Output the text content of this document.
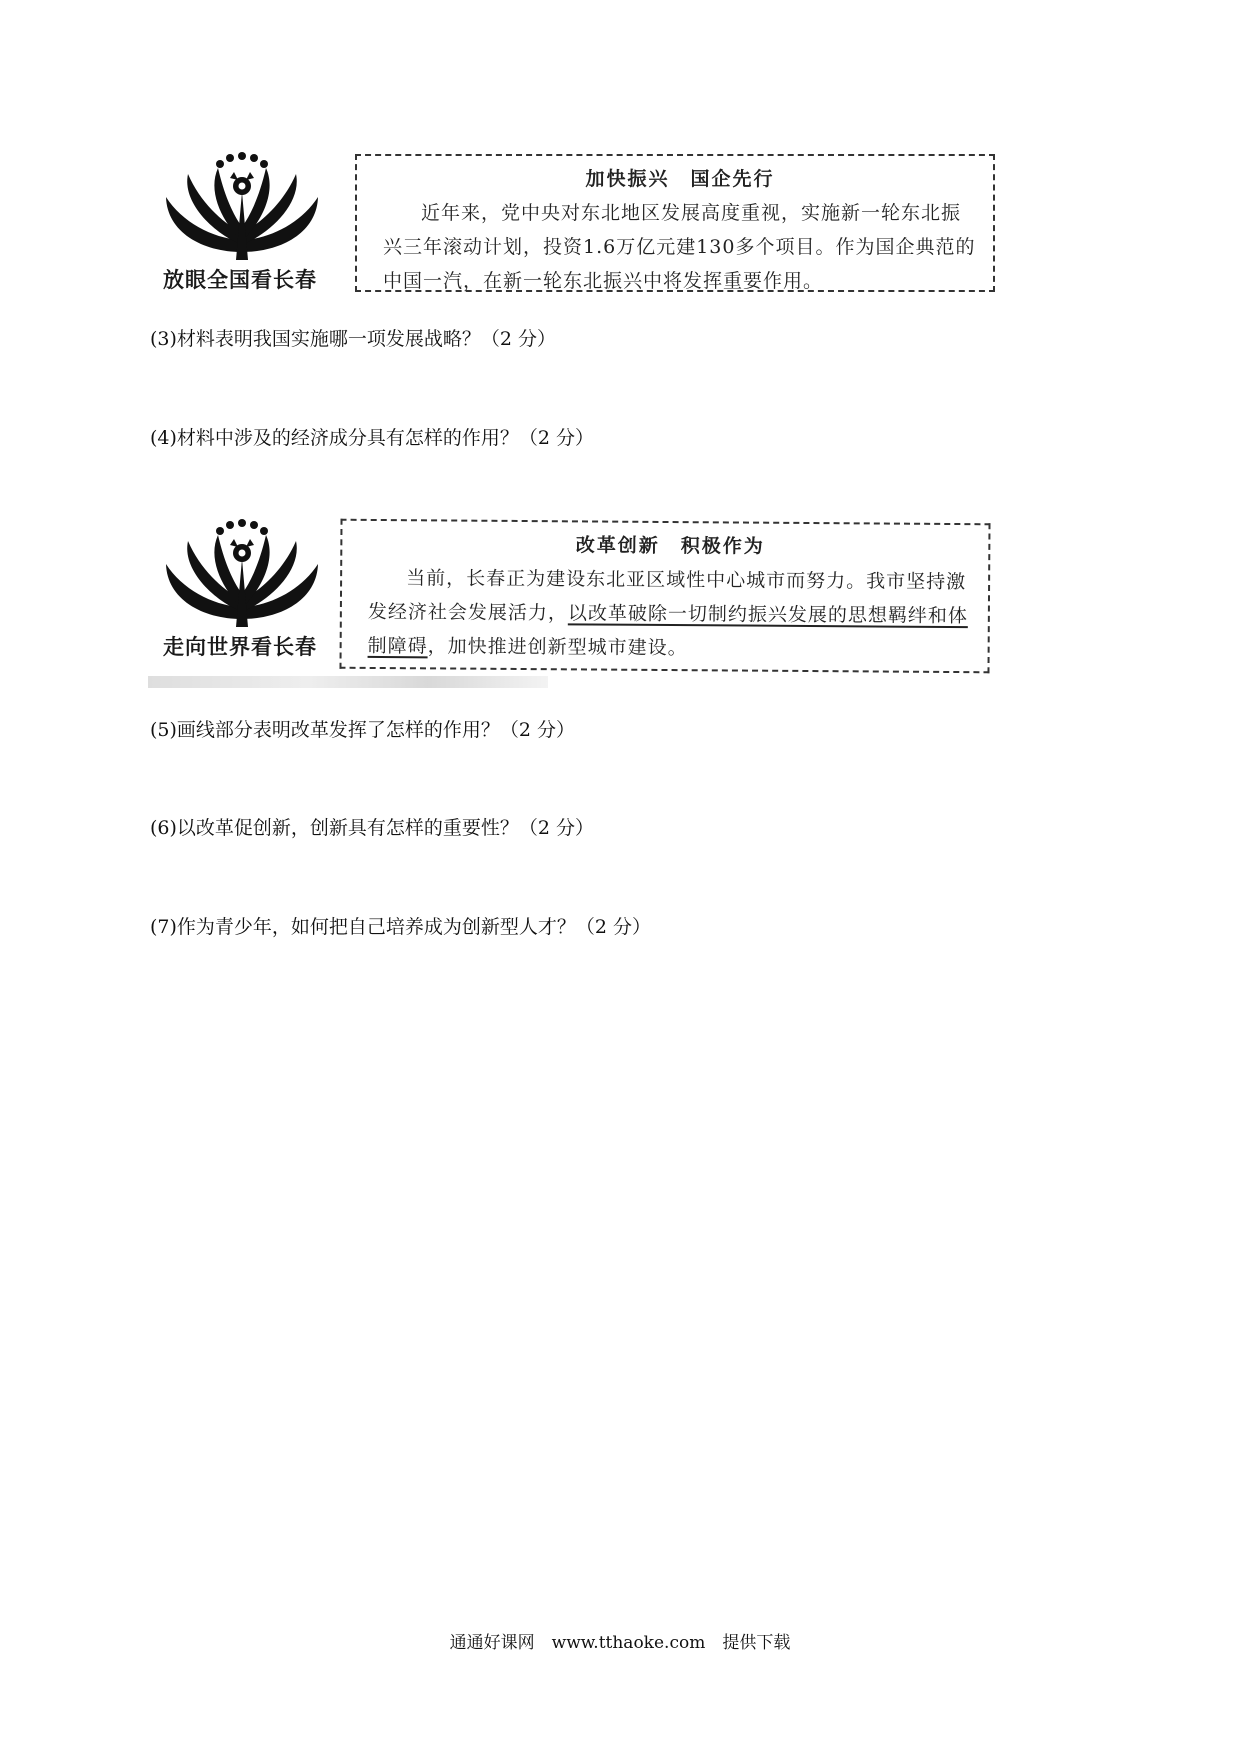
放眼全国看长春
加快振兴　国企先行
近年来，党中央对东北地区发展高度重视，实施新一轮东北振兴三年滚动计划，投资1.6万亿元建130多个项目。作为国企典范的中国一汽，在新一轮东北振兴中将发挥重要作用。
(3)材料表明我国实施哪一项发展战略？（2 分）
(4)材料中涉及的经济成分具有怎样的作用？（2 分）
走向世界看长春
改革创新　积极作为
当前，长春正为建设东北亚区域性中心城市而努力。我市坚持激发经济社会发展活力，以改革破除一切制约振兴发展的思想羁绊和体制障碍，加快推进创新型城市建设。
(5)画线部分表明改革发挥了怎样的作用？（2 分）
(6)以改革促创新，创新具有怎样的重要性？（2 分）
(7)作为青少年，如何把自己培养成为创新型人才？（2 分）
通通好课网　www.tthaoke.com　提供下载
